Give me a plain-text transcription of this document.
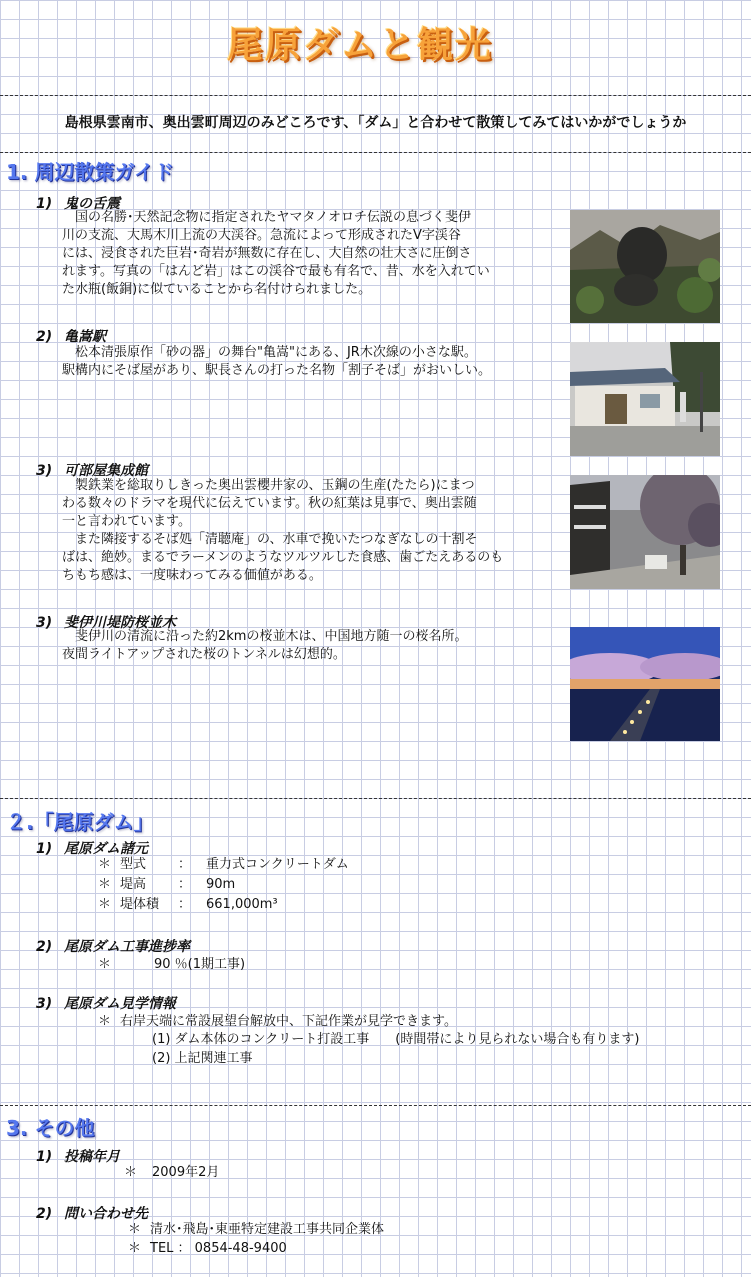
尾原ダムと観光
島根県雲南市、奥出雲町周辺のみどころです、「ダム」と合わせて散策してみてはいかがでしょうか
1. 周辺散策ガイド
1) 鬼の舌震
　国の名勝･天然記念物に指定されたヤマタノオロチ伝説の息づく斐伊
川の支流、大馬木川上流の大渓谷。急流によって形成されたV字渓谷
には、浸食された巨岩･奇岩が無数に存在し、大自然の壮大さに圧倒さ
れます。写真の「はんど岩」はこの渓谷で最も有名で、昔、水を入れてい
た水瓶(飯銅)に似ていることから名付けられました。
2) 亀嵩駅
　松本清張原作「砂の器」の舞台"亀嵩"にある、JR木次線の小さな駅。
駅構内にそば屋があり、駅長さんの打った名物「割子そば」がおいしい。
3) 可部屋集成館
　製鉄業を総取りしきった奥出雲櫻井家の、玉鋼の生産(たたら)にまつ
わる数々のドラマを現代に伝えています。秋の紅葉は見事で、奥出雲随
一と言われています。
　また隣接するそば処「清聴庵」の、水車で挽いたつなぎなしの十割そ
ばは、絶妙。まるでラーメンのようなツルツルした食感、歯ごたえあるのも
ちもち感は、一度味わってみる価値がある。
3) 斐伊川堤防桜並木
　斐伊川の清流に沿った約2kmの桜並木は、中国地方随一の桜名所。
夜間ライトアップされた桜のトンネルは幻想的。
２.「尾原ダム」
1) 尾原ダム諸元
＊ 型式 ： 重力式コンクリートダム
＊ 堤高 ： 90m
＊ 堤体積 ： 661,000m³
2) 尾原ダム工事進捗率
＊	90 ％(1期工事)
3) 尾原ダム見学情報
＊ 右岸天端に常設展望台解放中、下記作業が見学できます。
(1) ダム本体のコンクリート打設工事　　(時間帯により見られない場合も有ります)
(2) 上記関連工事
3. その他
1) 投稿年月
＊ 2009年2月
2) 問い合わせ先
＊ 清水･飛島･東亜特定建設工事共同企業体
＊ TEL ： 0854-48-9400
